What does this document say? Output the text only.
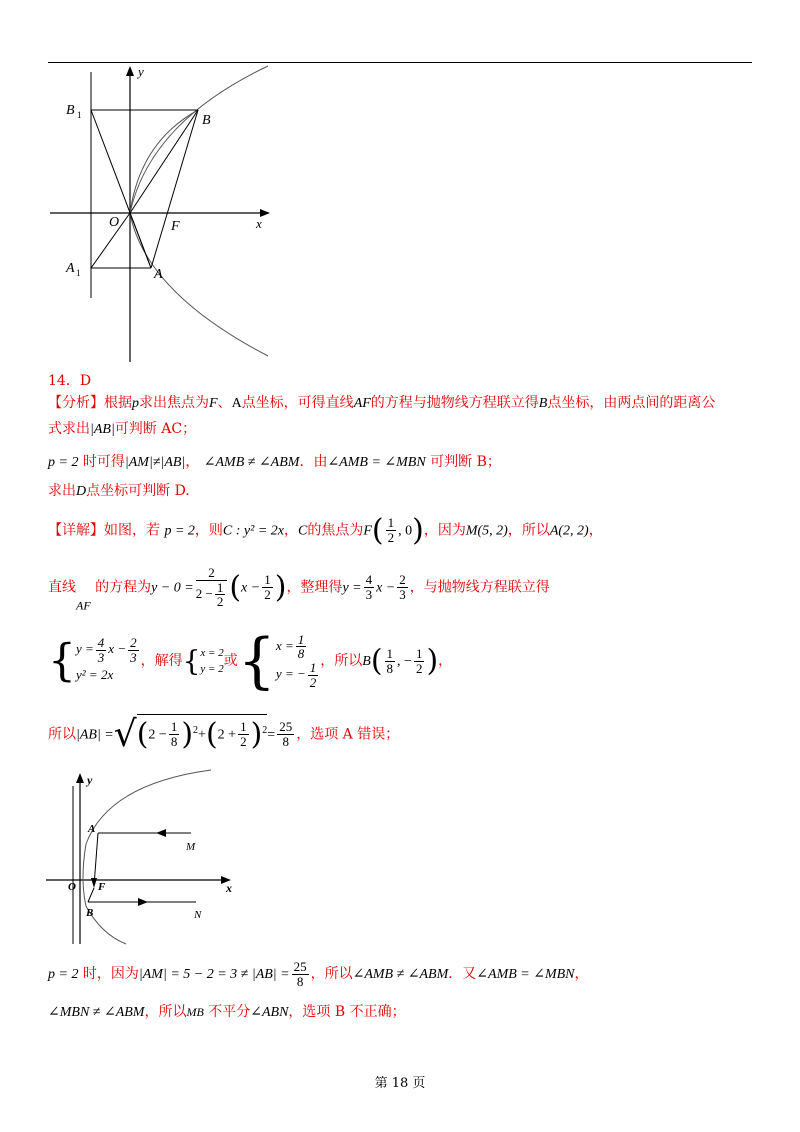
y
x
B 1	B
O	F
A 1	A
14．D
【分析】根据p求出焦点为F、A点坐标，可得直线AF的方程与抛物线方程联立得B点坐标，由两点间的距离公
式求出|AB|可判断 AC；
p = 2 时可得|AM|≠|AB|， ∠AMB ≠ ∠ABM．由∠AMB = ∠MBN 可判断 B；
求出D点坐标可判断 D.
【详解】如图，若 p = 2，则C : y² = 2x，C的焦点为$F( \frac{1}{2}$ , 0)，因为M(5, 2)，所以A(2, 2)，
直线AF 的方程为$y - 0 = \frac{2}{2 - \frac{1}{2}} (x - \frac{1}{2}$ )，整理得$y = \frac{4}{3}$ $x - \frac{2}{3}$ ，与抛物线方程联立得
{ $y = \frac{4}{3}$ $x - \frac{2}{3}$
y² = 2x
，解得{ x = 2
y = 2 或{ $x = \frac{1}{8}$
y = − $\frac{1}{2}$ ，所以$B( \frac{1}{8}$ , − $\frac{1}{2}$ )，
所以$|AB| =√(2 - \frac{1}{8} )^2+(2 + \frac{1}{2} )^2= \frac{25}{8}$ ，选项 A 错误；
y
x
A
M
O F
B	N
p = 2 时，因为$|AM| = 5 - 2 = 3 \ne |AB| = \frac{25}{8}$ ，所以∠AMB ≠ ∠ABM．又∠AMB = ∠MBN，
∠MBN ≠ ∠ABM，所以MB 不平分∠ABN，选项 B 不正确；
第 18 页
